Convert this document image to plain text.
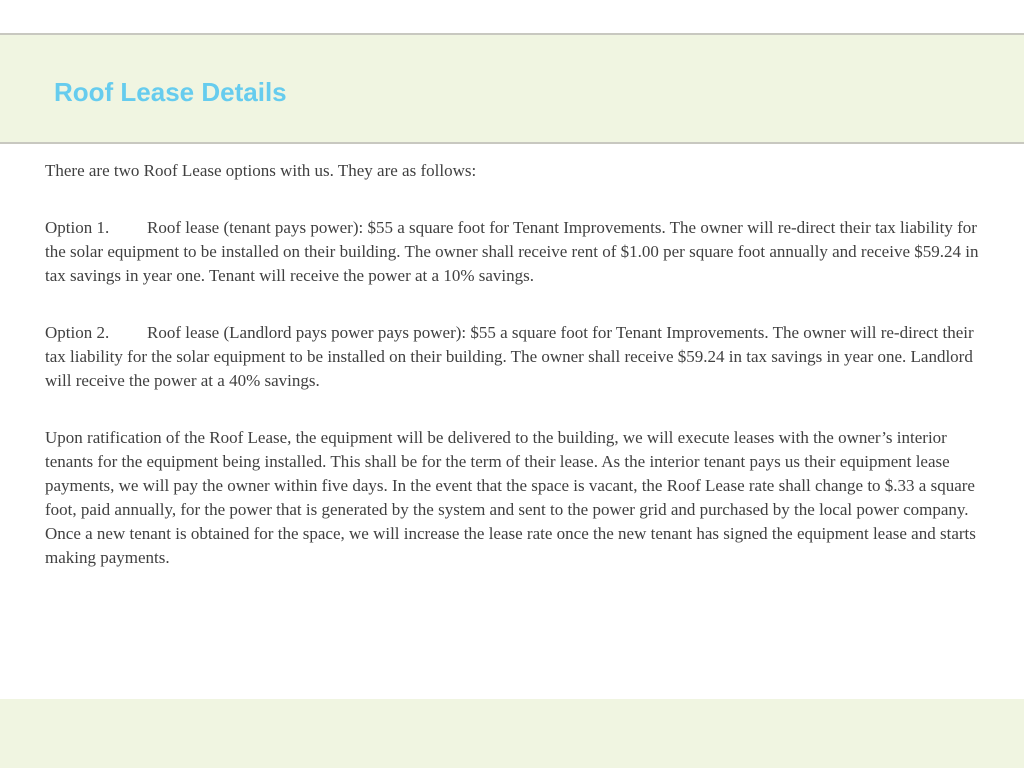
Roof Lease Details

There are two Roof Lease options with us. They are as follows:

Option 1. Roof lease (tenant pays power): $55 a square foot for Tenant Improvements. The owner will re-direct their tax liability for the solar equipment to be installed on their building. The owner shall receive rent of $1.00 per square foot annually and receive $59.24 in tax savings in year one. Tenant will receive the power at a 10% savings.

Option 2. Roof lease (Landlord pays power pays power): $55 a square foot for Tenant Improvements. The owner will re-direct their tax liability for the solar equipment to be installed on their building. The owner shall receive $59.24 in tax savings in year one. Landlord will receive the power at a 40% savings.

Upon ratification of the Roof Lease, the equipment will be delivered to the building, we will execute leases with the owner’s interior tenants for the equipment being installed. This shall be for the term of their lease. As the interior tenant pays us their equipment lease payments, we will pay the owner within five days. In the event that the space is vacant, the Roof Lease rate shall change to $.33 a square foot, paid annually, for the power that is generated by the system and sent to the power grid and purchased by the local power company. Once a new tenant is obtained for the space, we will increase the lease rate once the new tenant has signed the equipment lease and starts making payments.
